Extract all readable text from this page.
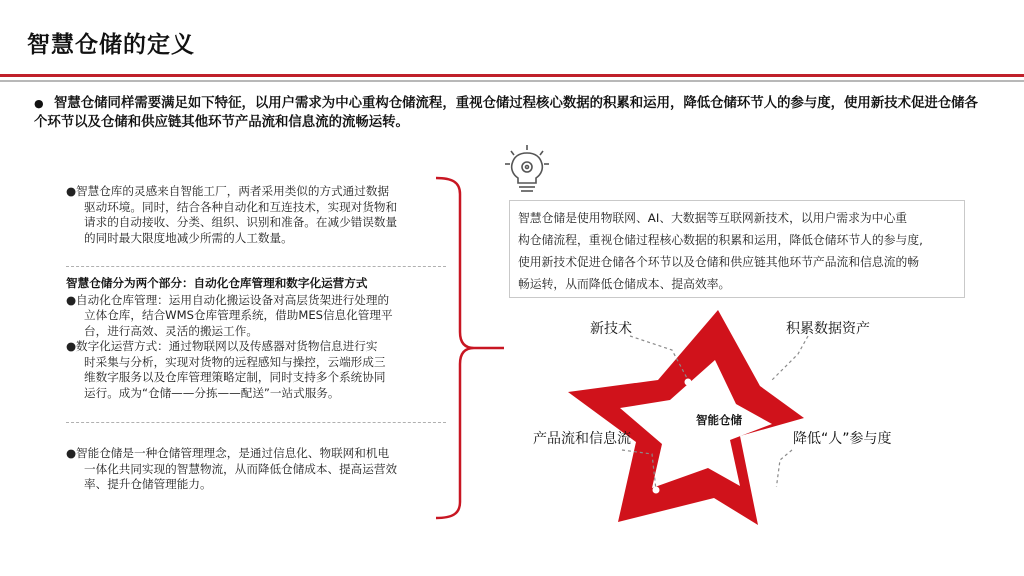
智慧仓储的定义
● 智慧仓储同样需要满足如下特征，以用户需求为中心重构仓储流程，重视仓储过程核心数据的积累和运用，降低仓储环节人的参与度，使用新技术促进仓储各个环节以及仓储和供应链其他环节产品流和信息流的流畅运转。
● 智慧仓库的灵感来自智能工厂，两者采用类似的方式通过数据
驱动环境。同时，结合各种自动化和互连技术，实现对货物和
请求的自动接收、分类、组织、识别和准备。在减少错误数量
的同时最大限度地减少所需的人工数量。
智慧仓储分为两个部分：自动化仓库管理和数字化运营方式
● 自动化仓库管理：运用自动化搬运设备对高层货架进行处理的
立体仓库，结合WMS仓库管理系统，借助MES信息化管理平
台，进行高效、灵活的搬运工作。
● 数字化运营方式：通过物联网以及传感器对货物信息进行实
时采集与分析，实现对货物的远程感知与操控，云端形成三
维数字服务以及仓库管理策略定制，同时支持多个系统协同
运行。成为“仓储——分拣——配送”一站式服务。
● 智能仓储是一种仓储管理理念，是通过信息化、物联网和机电
一体化共同实现的智慧物流，从而降低仓储成本、提高运营效
率、提升仓储管理能力。
智慧仓储是使用物联网、AI、大数据等互联网新技术，以用户需求为中心重
构仓储流程，重视仓储过程核心数据的积累和运用，降低仓储环节人的参与度,
使用新技术促进仓储各个环节以及仓储和供应链其他环节产品流和信息流的畅
畅运转，从而降低仓储成本、提高效率。
新技术	积累数据资产
产品流和信息流	降低“人”参与度
智能仓储
